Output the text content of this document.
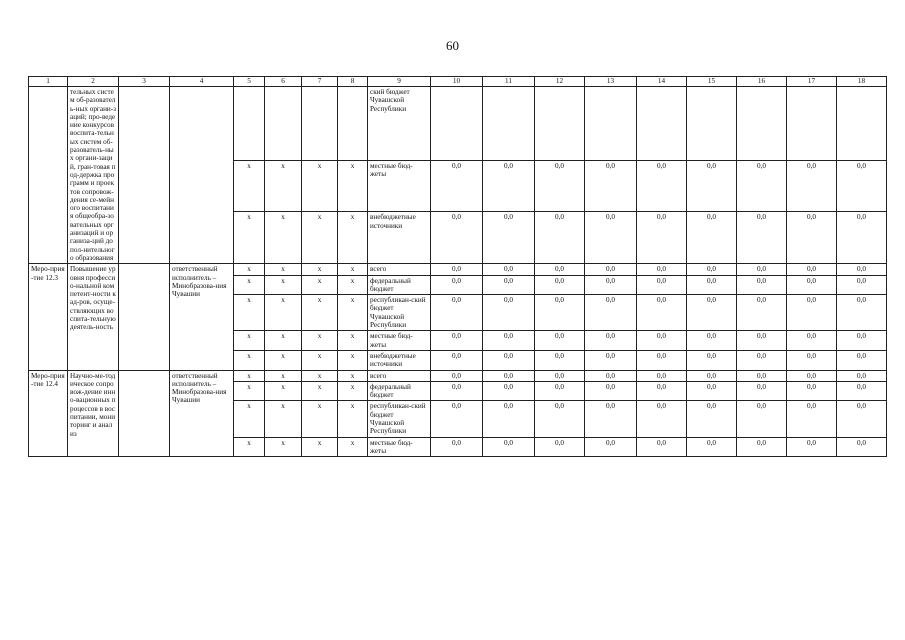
60
1	2	3	4	5	6	7	8	9	10	11	12	13	14	15	16	17	18
	тельных систем об-разователь-ных органи-заций; про-ведение конкурсов воспита-тельных систем об-разователь-ных органи-заций, гран-товая под-держка программ и проектов сопровож-дения се-мейного воспитания общеобра-зовательных организаций и организа-ций допол-нительного образования							ский бюджет Чувашской Республики									
				x	x	x	x	местные бюд-жеты	0,0	0,0	0,0	0,0	0,0	0,0	0,0	0,0	0,0
				x	x	x	x	внебюджетные источники	0,0	0,0	0,0	0,0	0,0	0,0	0,0	0,0	0,0
Меро-прия-тие 12.3	Повышение уровня профессио-нальной компетент-ности кад-ров, осуще-ствляющих воспита-тельную деятель-ность		ответственный исполнитель – Минобразова-ния Чувашии	x	x	x	x	всего	0,0	0,0	0,0	0,0	0,0	0,0	0,0	0,0	0,0
				x	x	x	x	федеральный бюджет	0,0	0,0	0,0	0,0	0,0	0,0	0,0	0,0	0,0
				x	x	x	x	республикан-ский бюджет Чувашской Республики	0,0	0,0	0,0	0,0	0,0	0,0	0,0	0,0	0,0
				x	x	x	x	местные бюд-жеты	0,0	0,0	0,0	0,0	0,0	0,0	0,0	0,0	0,0
				x	x	x	x	внебюджетные источники	0,0	0,0	0,0	0,0	0,0	0,0	0,0	0,0	0,0
Меро-прия-тие 12.4	Научно-ме-тодическое сопровож-дение инно-вационных процессов в воспитании, мониторинг и анализ		ответственный исполнитель – Минобразова-ния Чувашии	x	x	x	x	всего	0,0	0,0	0,0	0,0	0,0	0,0	0,0	0,0	0,0
				x	x	x	x	федеральный бюджет	0,0	0,0	0,0	0,0	0,0	0,0	0,0	0,0	0,0
				x	x	x	x	республикан-ский бюджет Чувашской Республики	0,0	0,0	0,0	0,0	0,0	0,0	0,0	0,0	0,0
				x	x	x	x	местные бюд-жеты	0,0	0,0	0,0	0,0	0,0	0,0	0,0	0,0	0,0
